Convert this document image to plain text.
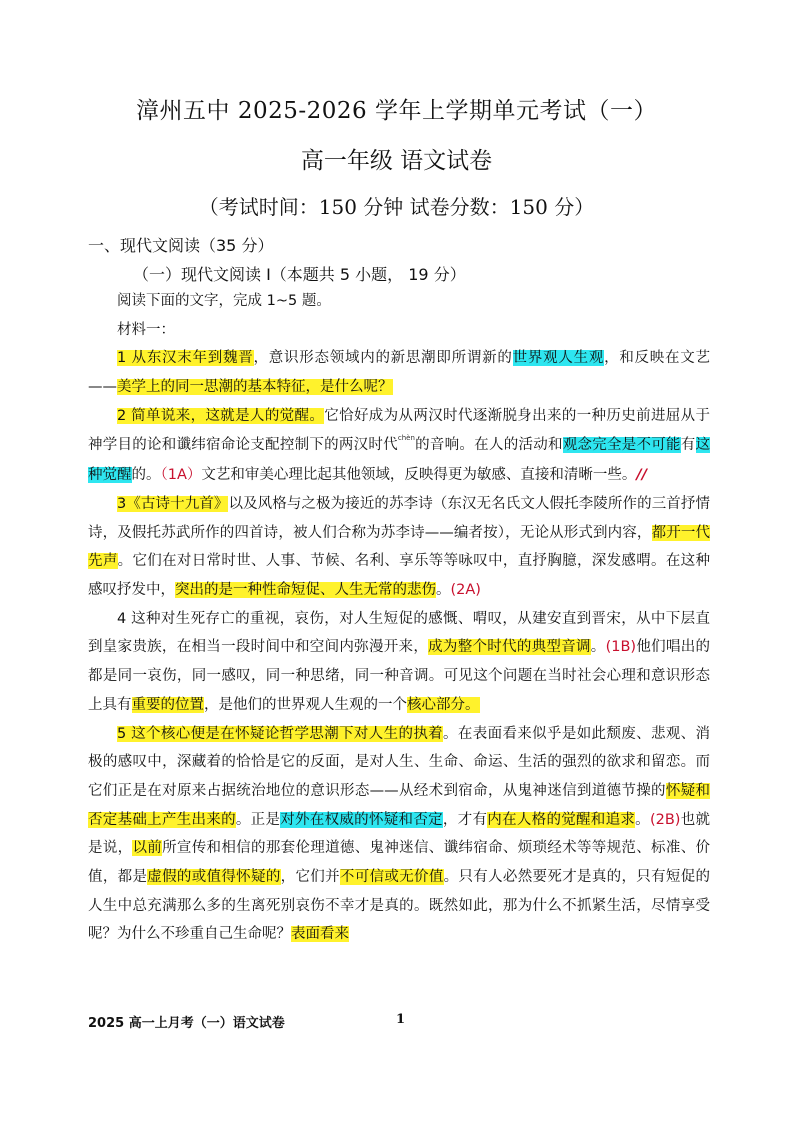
漳州五中 2025-2026 学年上学期单元考试（一）
高一年级 语文试卷
（考试时间：150 分钟 试卷分数：150 分）
一、现代文阅读（35 分）
（一）现代文阅读 I（本题共 5 小题， 19 分）

阅读下面的文字，完成 1~5 题。

材料一：

1 从东汉末年到魏晋，意识形态领域内的新思潮即所谓新的世界观人生观，和反映在文艺——美学上的同一思潮的基本特征，是什么呢？

2 简单说来，这就是人的觉醒。它恰好成为从两汉时代逐渐脱身出来的一种历史前进屈从于神学目的论和谶纬宿命论支配控制下的两汉时代$^{chèn}$的音响。在人的活动和观念完全是不可能有这种觉醒的。（1A）文艺和审美心理比起其他领域，反映得更为敏感、直接和清晰一些。//

3《古诗十九首》以及风格与之极为接近的苏李诗（东汉无名氏文人假托李陵所作的三首抒情诗，及假托苏武所作的四首诗，被人们合称为苏李诗——编者按），无论从形式到内容，都开一代先声。它们在对日常时世、人事、节候、名利、享乐等等咏叹中，直抒胸臆，深发感喟。在这种感叹抒发中，突出的是一种性命短促、人生无常的悲伤。(2A)

4 这种对生死存亡的重视，哀伤，对人生短促的感慨、喟叹，从建安直到晋宋，从中下层直到皇家贵族，在相当一段时间中和空间内弥漫开来，成为整个时代的典型音调。(1B)他们唱出的都是同一哀伤，同一感叹，同一种思绪，同一种音调。可见这个问题在当时社会心理和意识形态上具有重要的位置，是他们的世界观人生观的一个核心部分。

5 这个核心便是在怀疑论哲学思潮下对人生的执着。在表面看来似乎是如此颓废、悲观、消极的感叹中，深藏着的恰恰是它的反面，是对人生、生命、命运、生活的强烈的欲求和留恋。而它们正是在对原来占据统治地位的意识形态——从经术到宿命，从鬼神迷信到道德节操的怀疑和否定基础上产生出来的。正是对外在权威的怀疑和否定，才有内在人格的觉醒和追求。(2B)也就是说，以前所宣传和相信的那套伦理道德、鬼神迷信、谶纬宿命、烦琐经术等等规范、标准、价值，都是虚假的或值得怀疑的，它们并不可信或无价值。只有人必然要死才是真的，只有短促的人生中总充满那么多的生离死别哀伤不幸才是真的。既然如此，那为什么不抓紧生活，尽情享受呢？为什么不珍重自己生命呢？表面看来

2025 高一上月考（一）语文试卷	1
